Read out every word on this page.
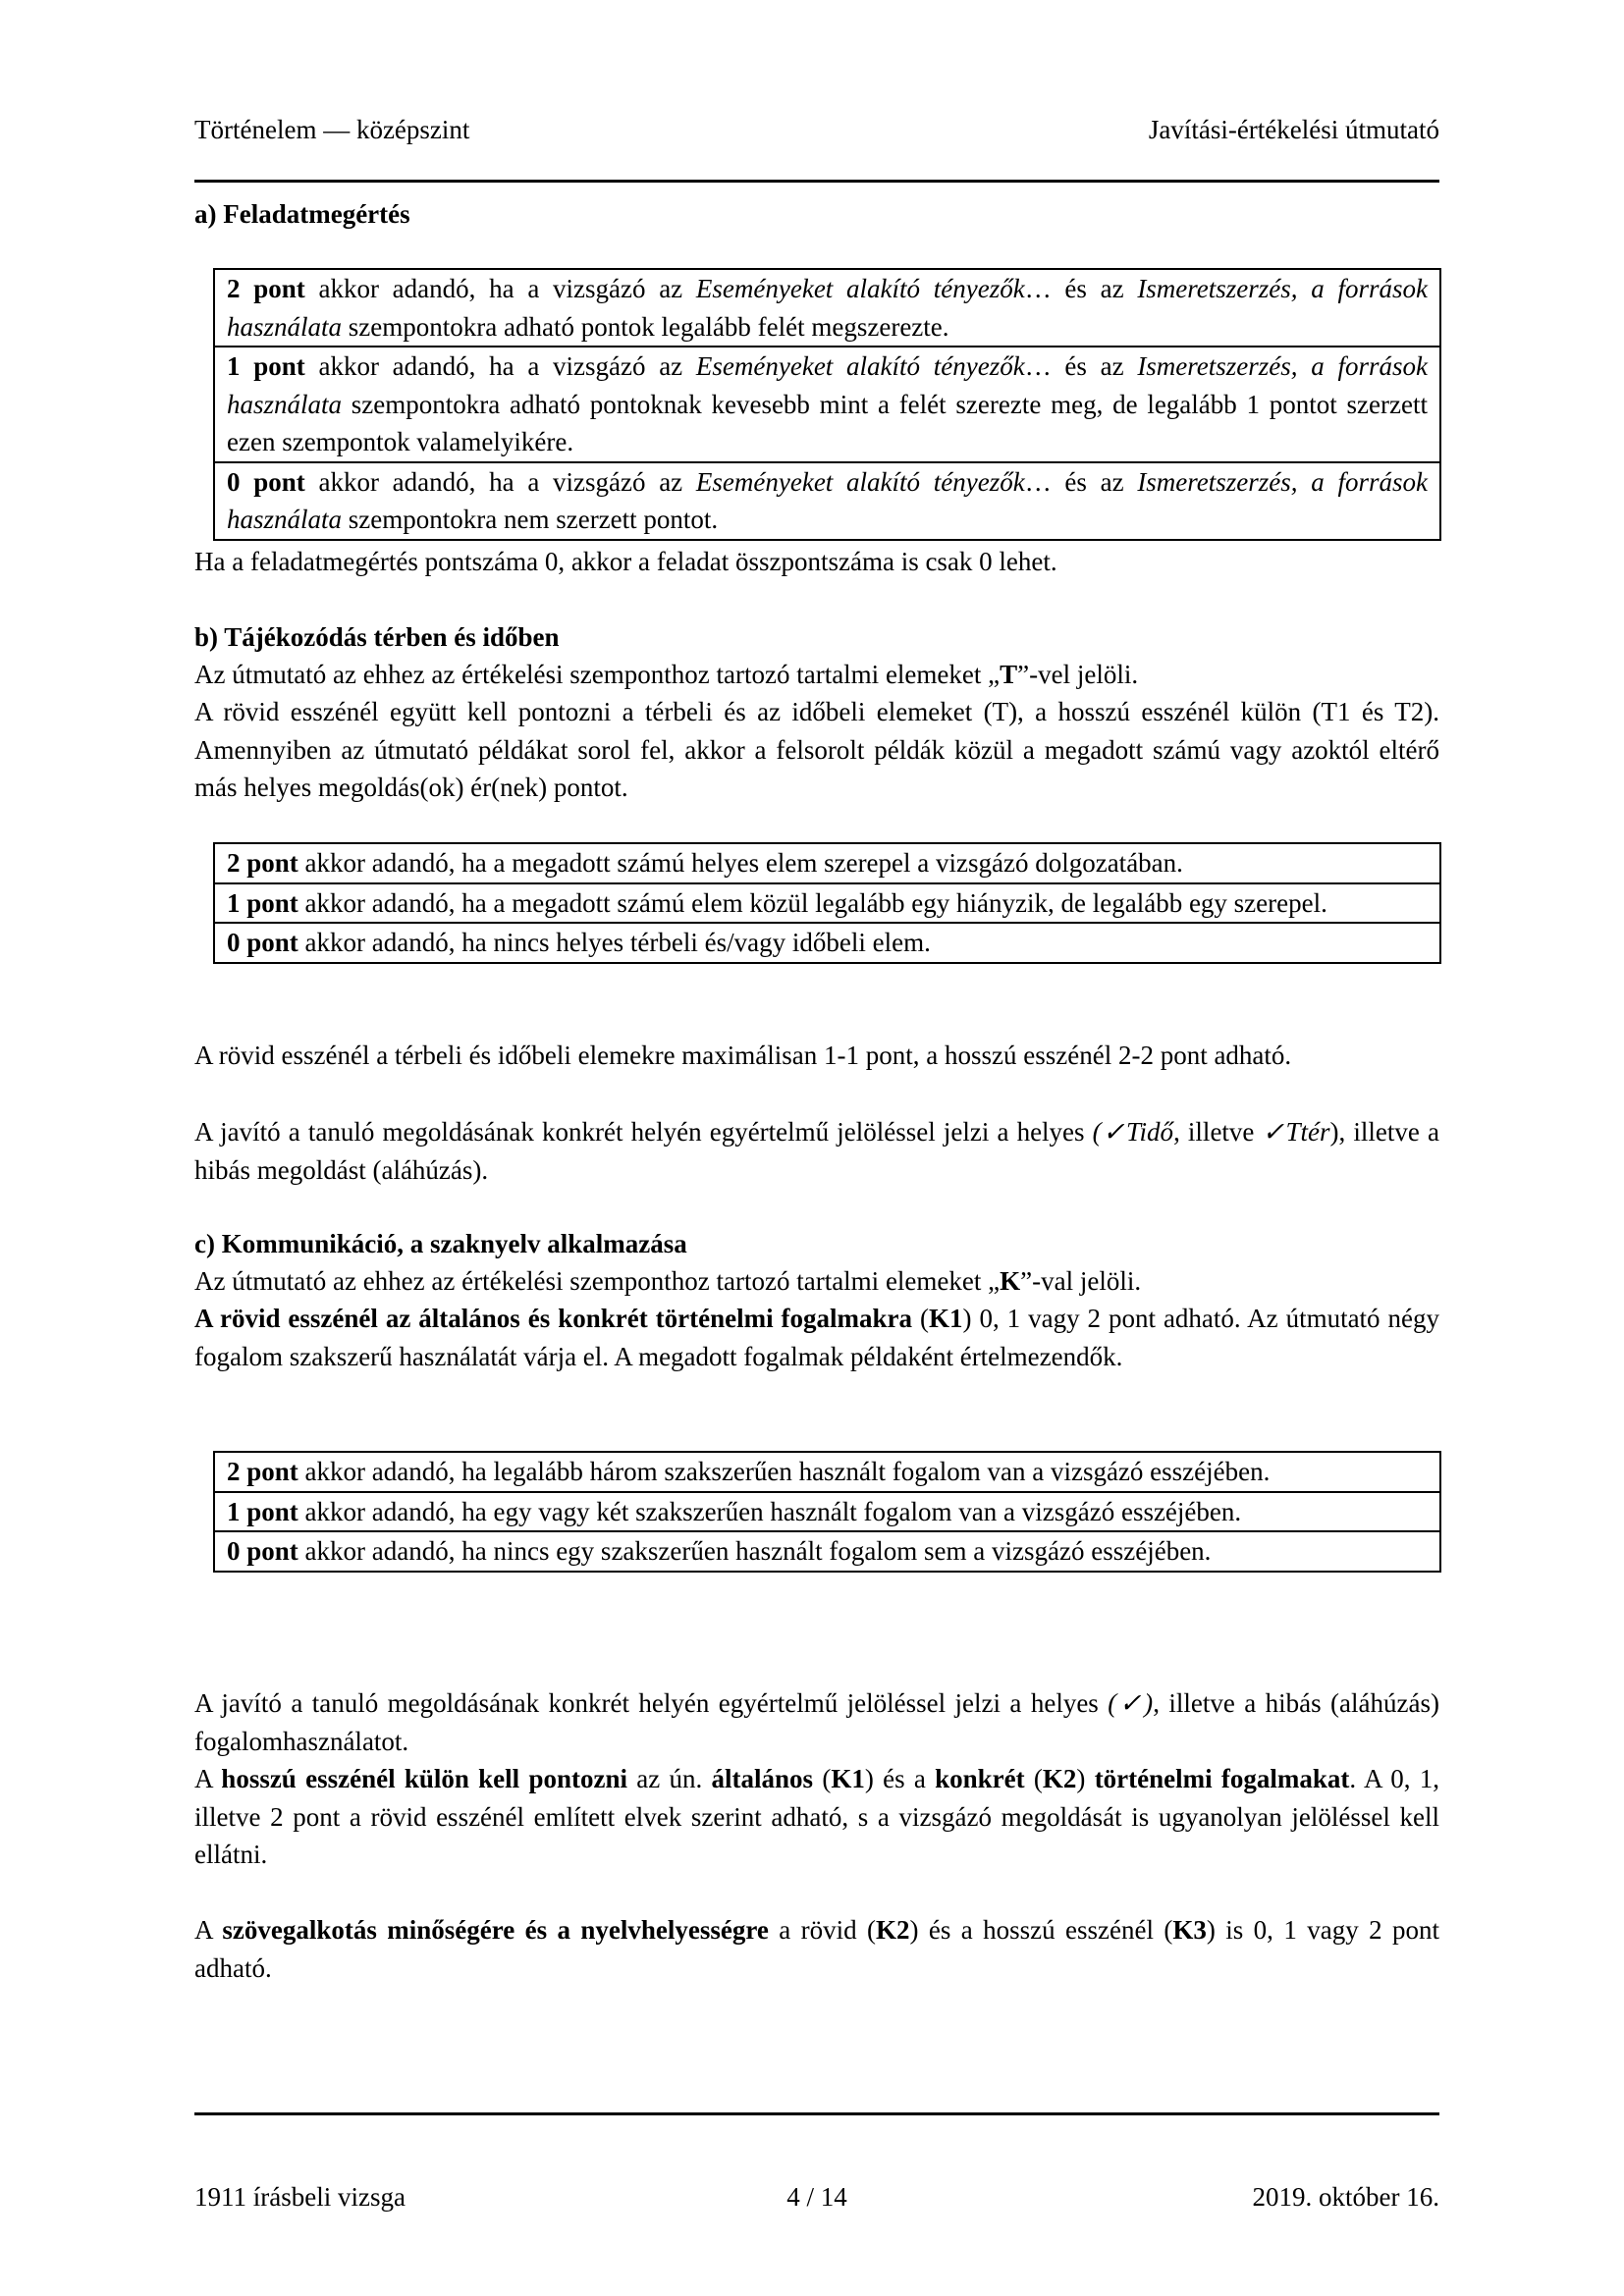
Történelem — középszint	Javítási-értékelési útmutató
a) Feladatmegértés
2 pont akkor adandó, ha a vizsgázó az Eseményeket alakító tényezők… és az Ismeretszerzés, a források használata szempontokra adható pontok legalább felét megszerezte.
1 pont akkor adandó, ha a vizsgázó az Eseményeket alakító tényezők… és az Ismeretszerzés, a források használata szempontokra adható pontoknak kevesebb mint a felét szerezte meg, de legalább 1 pontot szerzett ezen szempontok valamelyikére.
0 pont akkor adandó, ha a vizsgázó az Eseményeket alakító tényezők… és az Ismeretszerzés, a források használata szempontokra nem szerzett pontot.

Ha a feladatmegértés pontszáma 0, akkor a feladat összpontszáma is csak 0 lehet.

b) Tájékozódás térben és időben

Az útmutató az ehhez az értékelési szemponthoz tartozó tartalmi elemeket „T”-vel jelöli.

A rövid esszénél együtt kell pontozni a térbeli és az időbeli elemeket (T), a hosszú esszénél külön (T1 és T2). Amennyiben az útmutató példákat sorol fel, akkor a felsorolt példák közül a megadott számú vagy azoktól eltérő más helyes megoldás(ok) ér(nek) pontot.

2 pont akkor adandó, ha a megadott számú helyes elem szerepel a vizsgázó dolgozatában.
1 pont akkor adandó, ha a megadott számú elem közül legalább egy hiányzik, de legalább egy szerepel.
0 pont akkor adandó, ha nincs helyes térbeli és/vagy időbeli elem.

A rövid esszénél a térbeli és időbeli elemekre maximálisan 1-1 pont, a hosszú esszénél 2-2 pont adható.

A javító a tanuló megoldásának konkrét helyén egyértelmű jelöléssel jelzi a helyes (✓Tidő, illetve ✓Ttér), illetve a hibás megoldást (aláhúzás).

c) Kommunikáció, a szaknyelv alkalmazása

Az útmutató az ehhez az értékelési szemponthoz tartozó tartalmi elemeket „K”-val jelöli.

A rövid esszénél az általános és konkrét történelmi fogalmakra (K1) 0, 1 vagy 2 pont adható. Az útmutató négy fogalom szakszerű használatát várja el. A megadott fogalmak példaként értelmezendők.

2 pont akkor adandó, ha legalább három szakszerűen használt fogalom van a vizsgázó esszéjében.
1 pont akkor adandó, ha egy vagy két szakszerűen használt fogalom van a vizsgázó esszéjében.
0 pont akkor adandó, ha nincs egy szakszerűen használt fogalom sem a vizsgázó esszéjében.

A javító a tanuló megoldásának konkrét helyén egyértelmű jelöléssel jelzi a helyes (✓), illetve a hibás (aláhúzás) fogalomhasználatot.

A hosszú esszénél külön kell pontozni az ún. általános (K1) és a konkrét (K2) történelmi fogalmakat. A 0, 1, illetve 2 pont a rövid esszénél említett elvek szerint adható, s a vizsgázó megoldását is ugyanolyan jelöléssel kell ellátni.

A szövegalkotás minőségére és a nyelvhelyességre a rövid (K2) és a hosszú esszénél (K3) is 0, 1 vagy 2 pont adható.

1911 írásbeli vizsga	4 / 14	2019. október 16.
